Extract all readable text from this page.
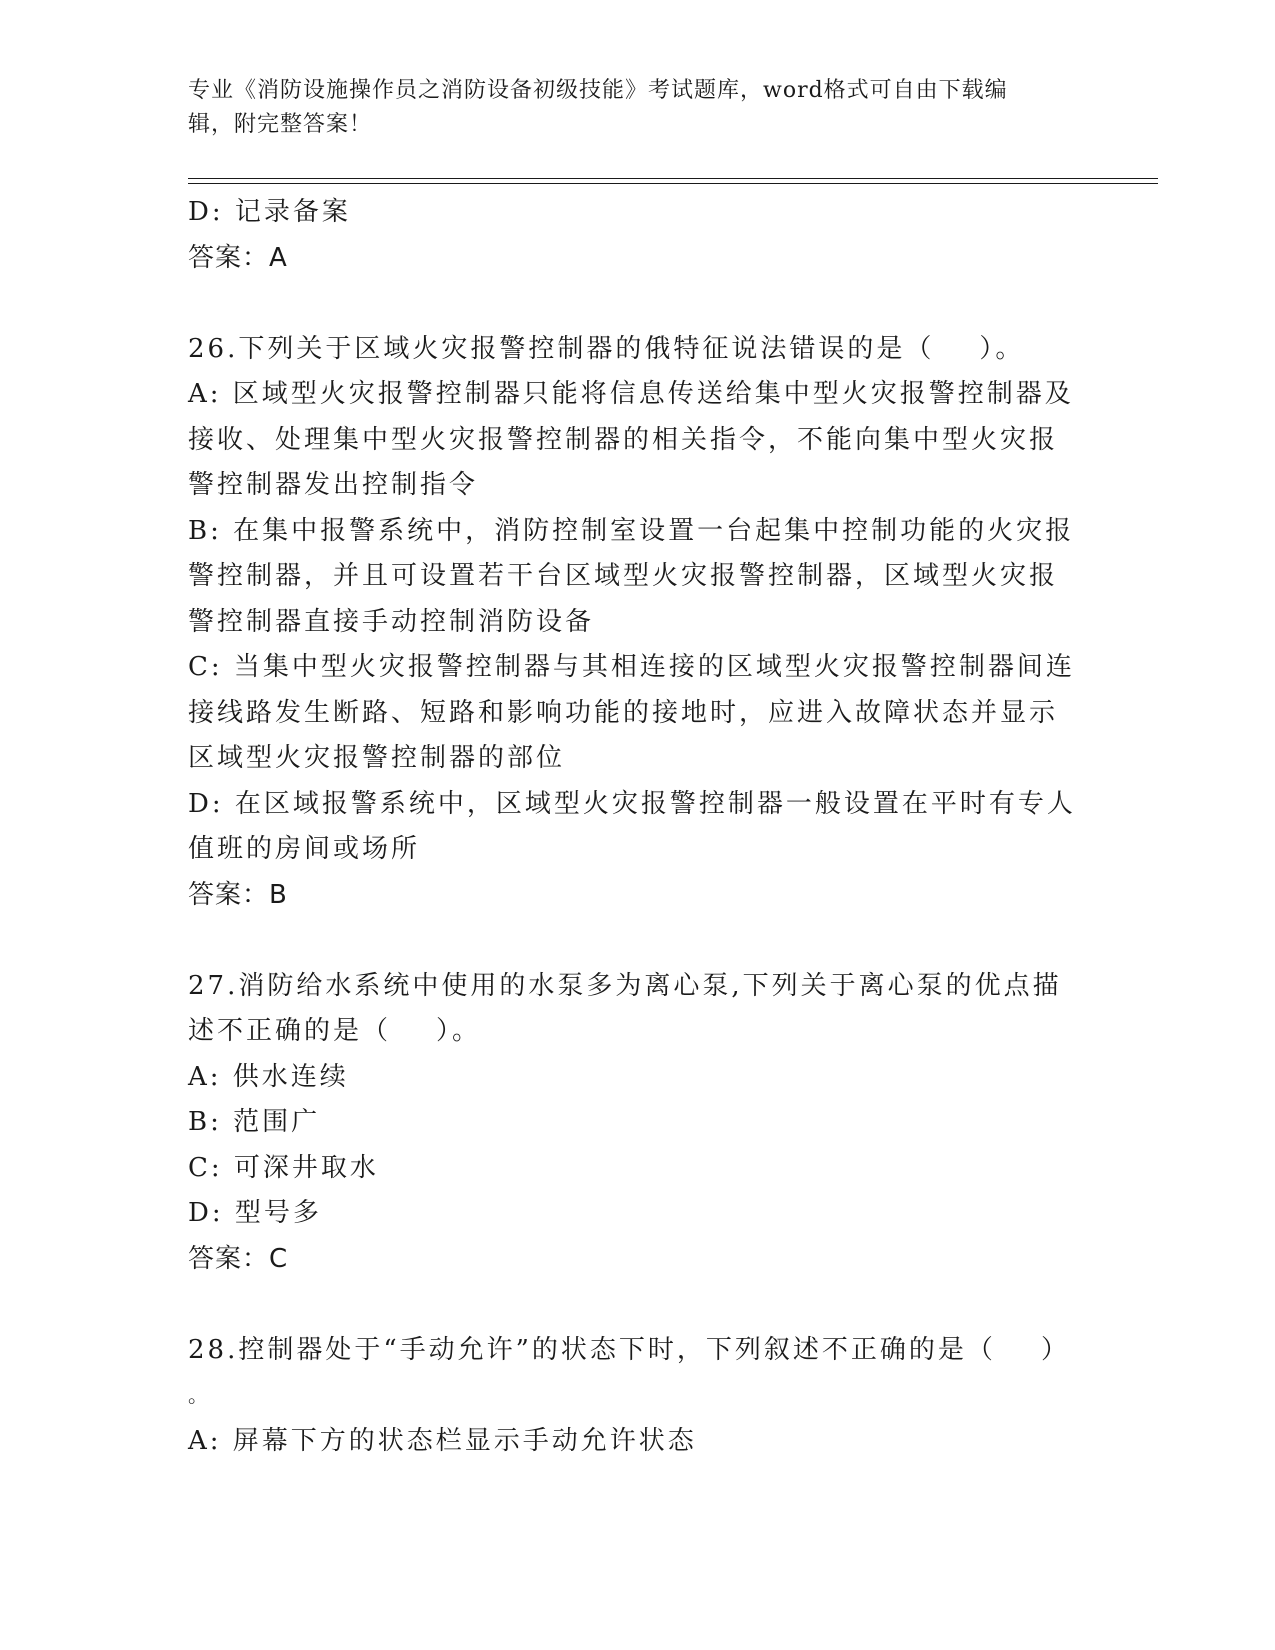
专业《消防设施操作员之消防设备初级技能》考试题库，word格式可自由下载编
辑，附完整答案！
D: 记录备案
答案：A
26.下列关于区域火灾报警控制器的俄特征说法错误的是（    ）。
A: 区域型火灾报警控制器只能将信息传送给集中型火灾报警控制器及
接收、处理集中型火灾报警控制器的相关指令，不能向集中型火灾报
警控制器发出控制指令
B: 在集中报警系统中，消防控制室设置一台起集中控制功能的火灾报
警控制器，并且可设置若干台区域型火灾报警控制器，区域型火灾报
警控制器直接手动控制消防设备
C: 当集中型火灾报警控制器与其相连接的区域型火灾报警控制器间连
接线路发生断路、短路和影响功能的接地时，应进入故障状态并显示
区域型火灾报警控制器的部位
D: 在区域报警系统中，区域型火灾报警控制器一般设置在平时有专人
值班的房间或场所
答案：B
27.消防给水系统中使用的水泵多为离心泵,下列关于离心泵的优点描
述不正确的是（    ）。
A: 供水连续
B: 范围广
C: 可深井取水
D: 型号多
答案：C
28.控制器处于“手动允许”的状态下时，下列叙述不正确的是（    ）
。
A: 屏幕下方的状态栏显示手动允许状态
